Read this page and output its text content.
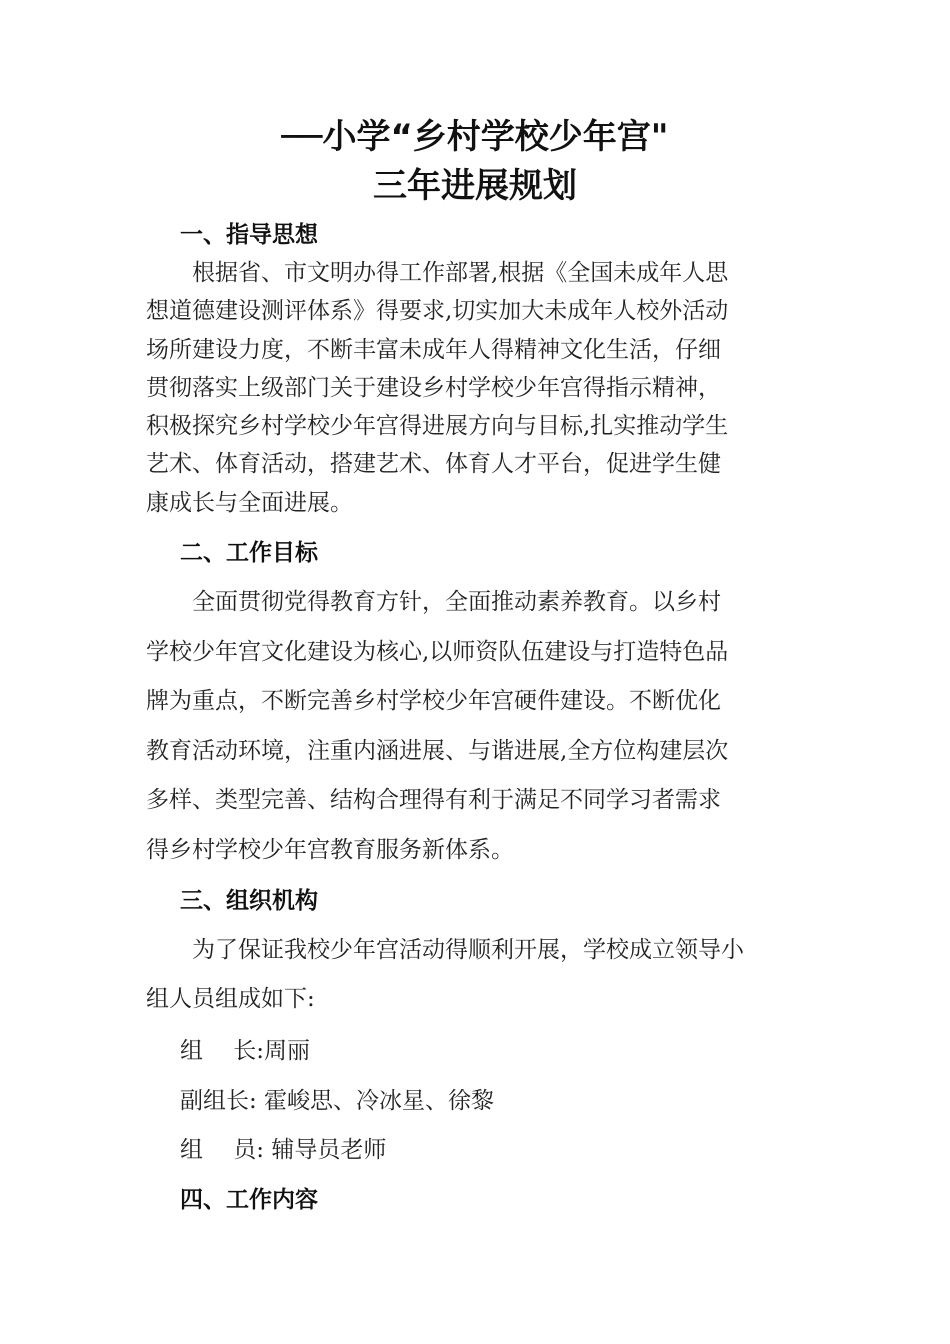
──小学“乡村学校少年宫"
三年进展规划
一、指导思想
　　根据省、市文明办得工作部署,根据《全国未成年人思
想道德建设测评体系》得要求,切实加大未成年人校外活动
场所建设力度，不断丰富未成年人得精神文化生活，仔细
贯彻落实上级部门关于建设乡村学校少年宫得指示精神，
积极探究乡村学校少年宫得进展方向与目标,扎实推动学生
艺术、体育活动，搭建艺术、体育人才平台，促进学生健
康成长与全面进展。
二、工作目标
　　全面贯彻党得教育方针，全面推动素养教育。以乡村
学校少年宫文化建设为核心,以师资队伍建设与打造特色品
牌为重点，不断完善乡村学校少年宫硬件建设。不断优化
教育活动环境，注重内涵进展、与谐进展,全方位构建层次
多样、类型完善、结构合理得有利于满足不同学习者需求
得乡村学校少年宫教育服务新体系。
三、组织机构
　　为了保证我校少年宫活动得顺利开展，学校成立领导小
组人员组成如下:
组　 长:周丽
副组长: 霍峻思、冷冰星、徐黎
组　 员: 辅导员老师
四、工作内容
